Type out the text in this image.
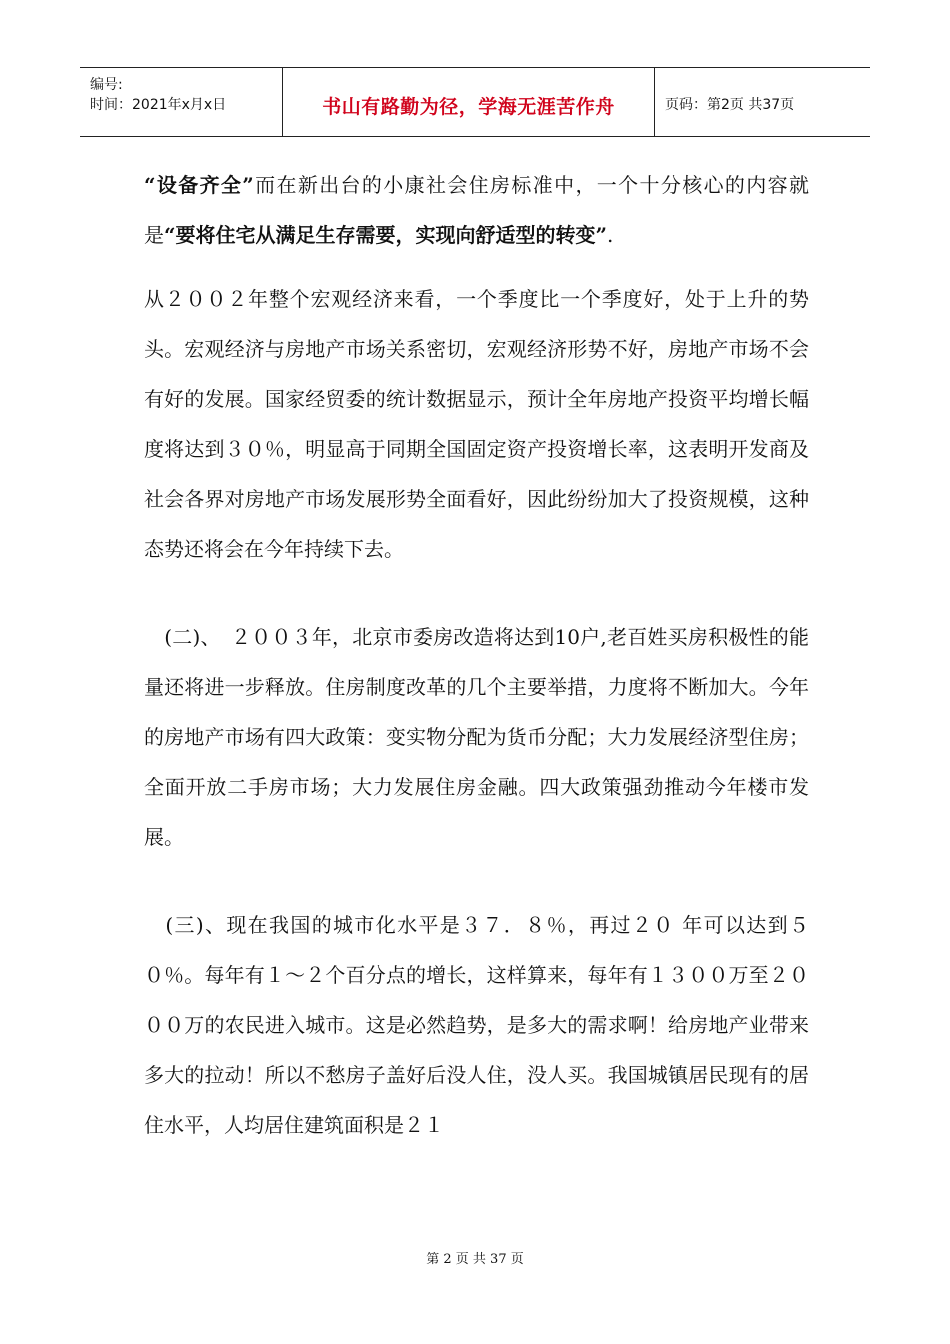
编号:
时间：2021年x月x日	书山有路勤为径，学海无涯苦作舟	页码：第2页 共37页

“设备齐全”而在新出台的小康社会住房标准中，一个十分核心的内容就是“要将住宅从满足生存需要，实现向舒适型的转变”.

从２００２年整个宏观经济来看，一个季度比一个季度好，处于上升的势头。宏观经济与房地产市场关系密切，宏观经济形势不好，房地产市场不会有好的发展。国家经贸委的统计数据显示，预计全年房地产投资平均增长幅度将达到３０％，明显高于同期全国固定资产投资增长率，这表明开发商及社会各界对房地产市场发展形势全面看好，因此纷纷加大了投资规模，这种态势还将会在今年持续下去。

　(二)、　２００３年，北京市委房改造将达到10户,老百姓买房积极性的能量还将进一步释放。住房制度改革的几个主要举措，力度将不断加大。今年的房地产市场有四大政策：变实物分配为货币分配；大力发展经济型住房；全面开放二手房市场；大力发展住房金融。四大政策强劲推动今年楼市发展。

　(三)、现在我国的城市化水平是３７．８％，再过２０ 年可以达到５０％。每年有１～２个百分点的增长，这样算来，每年有１３００万至２０００万的农民进入城市。这是必然趋势，是多大的需求啊！给房地产业带来多大的拉动！所以不愁房子盖好后没人住，没人买。我国城镇居民现有的居住水平，人均居住建筑面积是２１

第 2 页 共 37 页
